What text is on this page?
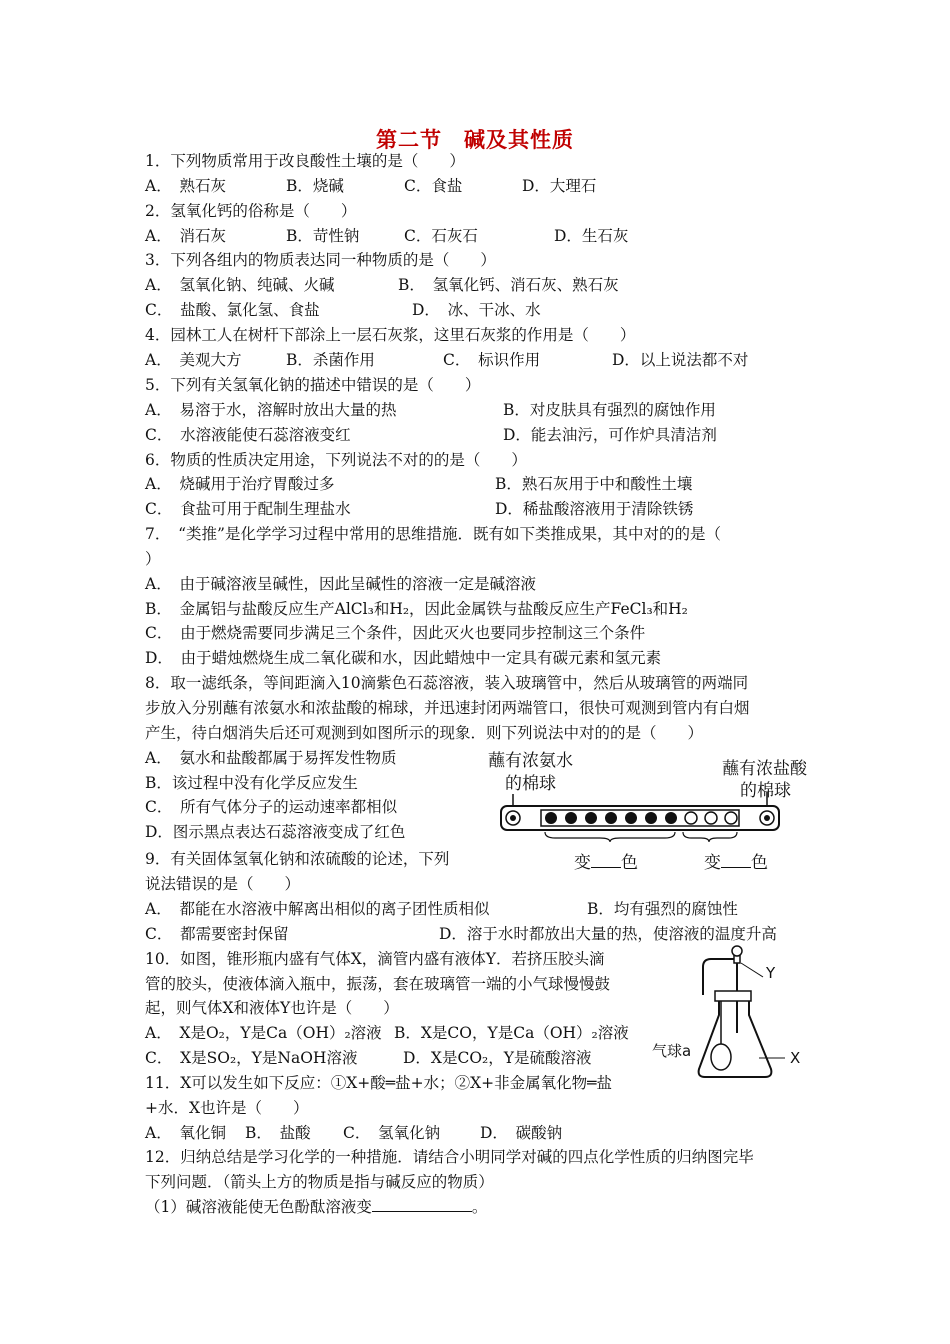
第二节　碱及其性质
1．下列物质常用于改良酸性土壤的是（　　）
A．　熟石灰	B．烧碱	C．食盐	D．大理石
2．氢氧化钙的俗称是（　　）
A．　消石灰	B．苛性钠	C．石灰石	D．生石灰
3．下列各组内的物质表达同一种物质的是（　　）
A．　氢氧化钠、纯碱、火碱	B．　氢氧化钙、消石灰、熟石灰
C．　盐酸、氯化氢、食盐	D．　冰、干冰、水
4．园林工人在树杆下部涂上一层石灰浆，这里石灰浆的作用是（　　）
A．　美观大方	B．杀菌作用	C．　标识作用	D．以上说法都不对
5．下列有关氢氧化钠的描述中错误的是（　　）
A．　易溶于水，溶解时放出大量的热	B．对皮肤具有强烈的腐蚀作用
C．　水溶液能使石蕊溶液变红	D．能去油污，可作炉具清洁剂
6．物质的性质决定用途，下列说法不对的的是（　　）
A．　烧碱用于治疗胃酸过多	B．熟石灰用于中和酸性土壤
C．　食盐可用于配制生理盐水	D．稀盐酸溶液用于清除铁锈
7．　“类推”是化学学习过程中常用的思维措施．既有如下类推成果，其中对的的是（
）
A．　由于碱溶液呈碱性，因此呈碱性的溶液一定是碱溶液
B．　金属铝与盐酸反应生产AlCl₃和H₂，因此金属铁与盐酸反应生产FeCl₃和H₂
C．　由于燃烧需要同步满足三个条件，因此灭火也要同步控制这三个条件
D．　由于蜡烛燃烧生成二氧化碳和水，因此蜡烛中一定具有碳元素和氢元素
8．取一滤纸条，等间距滴入10滴紫色石蕊溶液，装入玻璃管中，然后从玻璃管的两端同
步放入分别蘸有浓氨水和浓盐酸的棉球，并迅速封闭两端管口，很快可观测到管内有白烟
产生，待白烟消失后还可观测到如图所示的现象．则下列说法中对的的是（　　）
A．　氨水和盐酸都属于易挥发性物质
B．该过程中没有化学反应发生
C．　所有气体分子的运动速率都相似
D．图示黑点表达石蕊溶液变成了红色
蘸有浓氨水
的棉球
蘸有浓盐酸
的棉球
变 色	变 色
9．有关固体氢氧化钠和浓硫酸的论述，下列
说法错误的是（　　）
A．　都能在水溶液中解离出相似的离子团性质相似	B．均有强烈的腐蚀性
C．　都需要密封保留	D．溶于水时都放出大量的热，使溶液的温度升高
10．如图，锥形瓶内盛有气体X，滴管内盛有液体Y．若挤压胶头滴
管的胶头，使液体滴入瓶中，振荡，套在玻璃管一端的小气球慢慢鼓
起，则气体X和液体Y也许是（　　）
A．　X是O₂，Y是Ca（OH）₂溶液 B．X是CO，Y是Ca（OH）₂溶液
C．　X是SO₂，Y是NaOH溶液	D．X是CO₂，Y是硫酸溶液
Y
X
气球a
11．X可以发生如下反应：①X+酸═盐+水；②X+非金属氧化物═盐
+水．X也许是（　　）
A．　氧化铜 B．　盐酸 C．　氢氧化钠	D．　碳酸钠
12．归纳总结是学习化学的一种措施．请结合小明同学对碱的四点化学性质的归纳图完毕
下列问题．（箭头上方的物质是指与碱反应的物质）
（1）碱溶液能使无色酚酞溶液变	。
